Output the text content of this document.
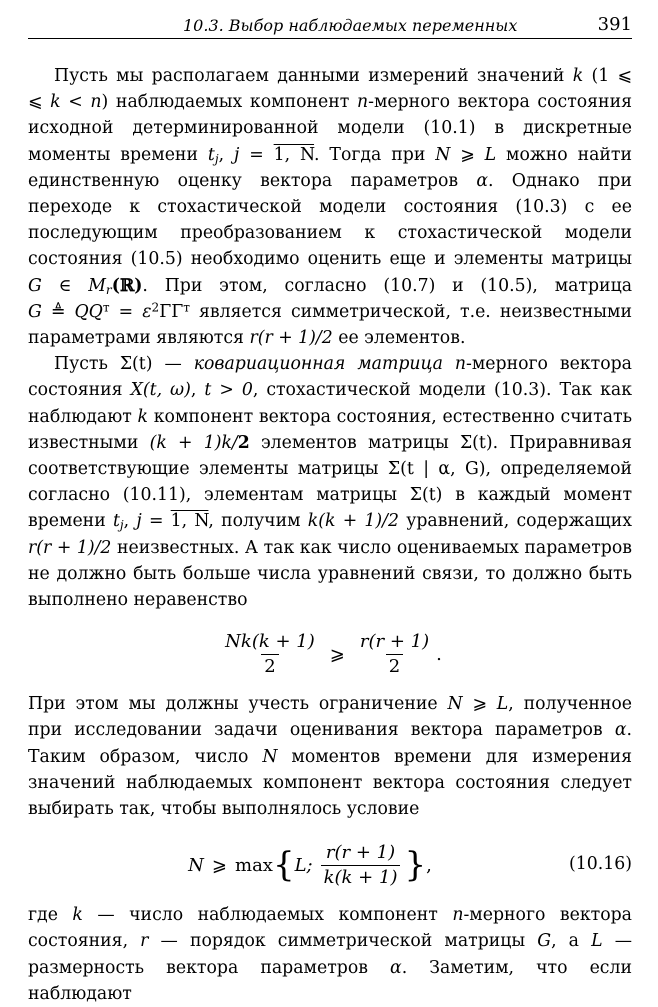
10.3. Выбор наблюдаемых переменных	391

Пусть мы располагаем данными измерений значений k (1 ⩽ ⩽ k < n) наблюдаемых компонент n-мерного вектора состояния исходной детерминированной модели (10.1) в дискретные моменты времени $t_j$, j = 1, N. Тогда при N ⩾ L можно найти единственную оценку вектора параметров α. Однако при переходе к стохастической модели состояния (10.3) с ее последующим преобразованием к стохастической модели состояния (10.5) необходимо оценить еще и элементы матрицы G ∈ $M_r(ℝ)$. При этом, согласно (10.7) и (10.5), матрица G ≜ $QQ^т = \varepsilon^2\Gamma\Gamma^т$ является симметрической, т.е. неизвестными параметрами являются r(r + 1)/2 ее элементов.

Пусть Σ(t) — ковариационная матрица n-мерного вектора состояния X(t, ω), t > 0, стохастической модели (10.3). Так как наблюдают k компонент вектора состояния, естественно считать известными (k + 1)k/2 элементов матрицы Σ(t). Приравнивая соответствующие элементы матрицы Σ(t | α, G), определяемой согласно (10.11), элементам матрицы Σ(t) в каждый момент времени $t_j$, j = 1, N, получим k(k + 1)/2 уравнений, содержащих r(r + 1)/2 неизвестных. А так как число оцениваемых параметров не должно быть больше числа уравнений связи, то должно быть выполнено неравенство

$\frac{Nk(k + 1)}{2}$ ⩾ $\frac{r(r + 1)}{2}$ .

При этом мы должны учесть ограничение N ⩾ L, полученное при исследовании задачи оценивания вектора параметров α. Таким образом, число N моментов времени для измерения значений наблюдаемых компонент вектора состояния следует выбирать так, чтобы выполнялось условие

N ⩾ max { L; $\frac{r(r + 1)}{k(k + 1)}$ } ,	(10.16)

где k — число наблюдаемых компонент n-мерного вектора состояния, r — порядок симметрической матрицы G, а L — размерность вектора параметров α. Заметим, что если наблюдают
